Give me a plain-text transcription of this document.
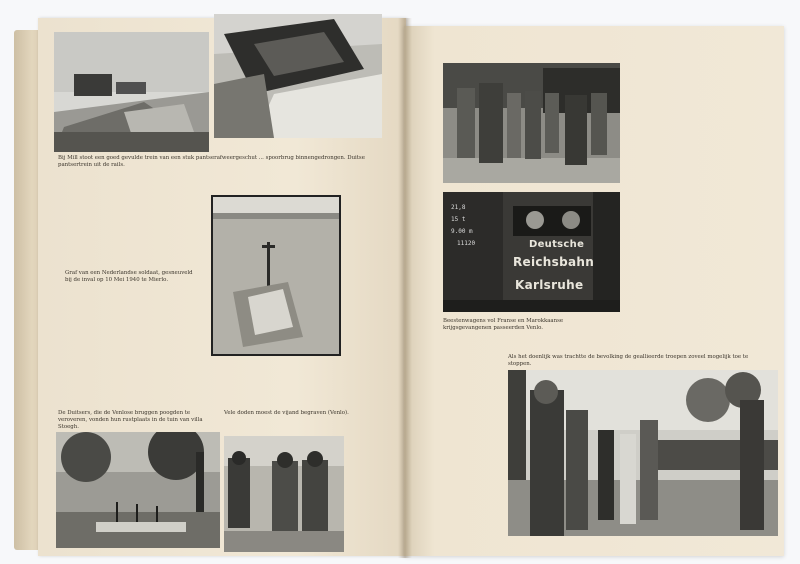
Bij Mill stoot een goed gevulde trein van een stuk pantserafweergeschut ... spoorbrug binnengedrongen. Duitse pantsertrein uit de rails.
Graf van een Nederlandse soldaat, gesneuveld bij de inval op 10 Mei 1940 te Mierlo.
De Duitsers, die de Venlose bruggen poogden te veroveren, vonden hun rustplaats in de tuin van villa Stoegh.
Vele doden moest de vijand begraven (Venlo).
21,8
15 t
9.00 m
11120	Deutsche
Reichsbahn
Karlsruhe
Beestenwagens vol Franse en Marokkaanse krijgsgevangenen passeerden Venlo.
Als het doenlijk was trachtte de bevolking de geallieerde troepen zoveel mogelijk toe te stoppen.
